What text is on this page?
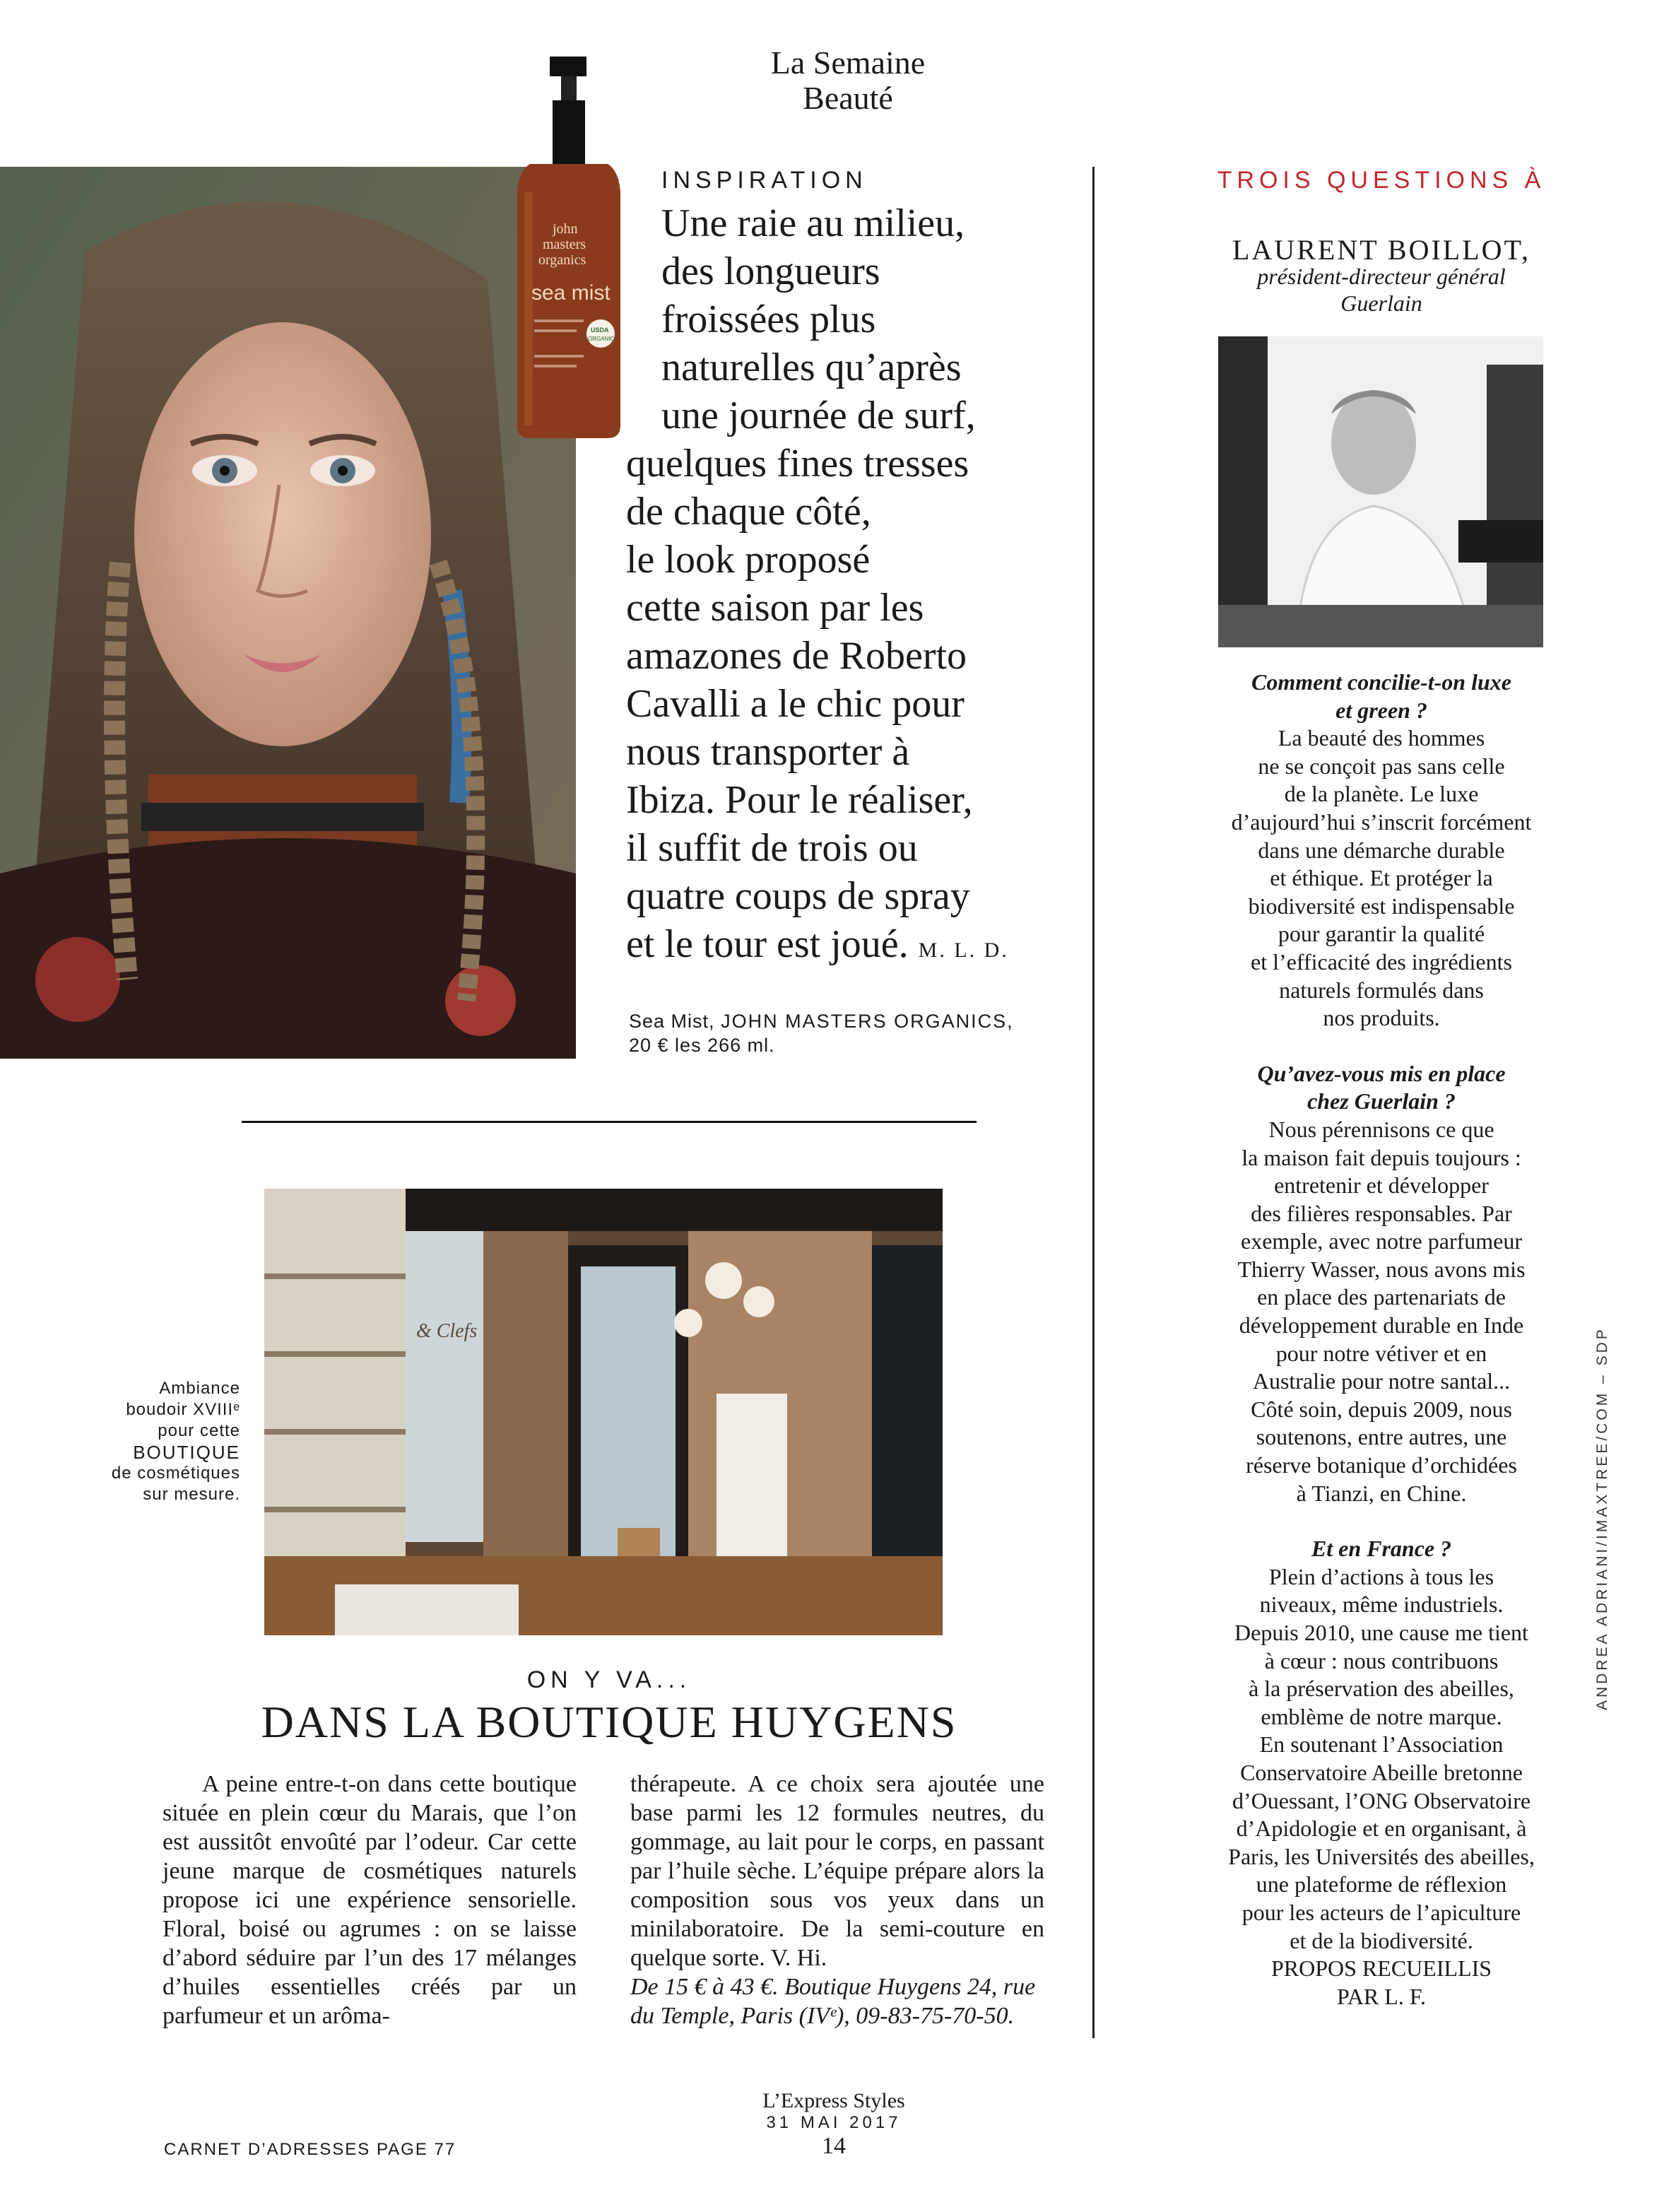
La Semaine
Beauté
john
masters
organics
sea mist
USDA
ORGANIC
INSPIRATION
Une raie au milieu,
des longueurs
froissées plus
naturelles qu’après
une journée de surf,
quelques fines tresses
de chaque côté,
le look proposé
cette saison par les
amazones de Roberto
Cavalli a le chic pour
nous transporter à
Ibiza. Pour le réaliser,
il suffit de trois ou
quatre coups de spray
et le tour est joué. M. L. D.
Sea Mist, JOHN MASTERS ORGANICS,
20 € les 266 ml.
& Clefs
Ambiance
boudoir XVIIIᵉ
pour cette
BOUTIQUE
de cosmétiques
sur mesure.
ON Y VA...
DANS LA BOUTIQUE HUYGENS
A peine entre-t-on dans cette boutique située en plein cœur du Marais, que l’on est aussitôt envoûté par l’odeur. Car cette jeune marque de cosmétiques naturels propose ici une expérience sensorielle. Floral, boisé ou agrumes : on se laisse d’abord séduire par l’un des 17 mélanges d’huiles essentielles créés par un parfumeur et un arôma-
thérapeute. A ce choix sera ajoutée une base parmi les 12 formules neutres, du gommage, au lait pour le corps, en passant par l’huile sèche. L’équipe prépare alors la composition sous vos yeux dans un minilaboratoire. De la semi-couture en quelque sorte. V. Hi.
De 15 € à 43 €. Boutique Huygens 24, rue du Temple, Paris (IVᵉ), 09-83-75-70-50.
TROIS QUESTIONS À
LAURENT BOILLOT,
président-directeur général
Guerlain
Comment concilie-t-on luxe
et green ?
La beauté des hommes
ne se conçoit pas sans celle
de la planète. Le luxe
d’aujourd’hui s’inscrit forcément
dans une démarche durable
et éthique. Et protéger la
biodiversité est indispensable
pour garantir la qualité
et l’efficacité des ingrédients
naturels formulés dans
nos produits.
Qu’avez-vous mis en place
chez Guerlain ?
Nous pérennisons ce que
la maison fait depuis toujours :
entretenir et développer
des filières responsables. Par
exemple, avec notre parfumeur
Thierry Wasser, nous avons mis
en place des partenariats de
développement durable en Inde
pour notre vétiver et en
Australie pour notre santal...
Côté soin, depuis 2009, nous
soutenons, entre autres, une
réserve botanique d’orchidées
à Tianzi, en Chine.
Et en France ?
Plein d’actions à tous les
niveaux, même industriels.
Depuis 2010, une cause me tient
à cœur : nous contribuons
à la préservation des abeilles,
emblème de notre marque.
En soutenant l’Association
Conservatoire Abeille bretonne
d’Ouessant, l’ONG Observatoire
d’Apidologie et en organisant, à
Paris, les Universités des abeilles,
une plateforme de réflexion
pour les acteurs de l’apiculture
et de la biodiversité.
PROPOS RECUEILLIS
PAR L. F.
ANDREA ADRIANI/IMAXTREE/COM – SDP
L’Express Styles
31 MAI 2017
14
CARNET D’ADRESSES PAGE 77
